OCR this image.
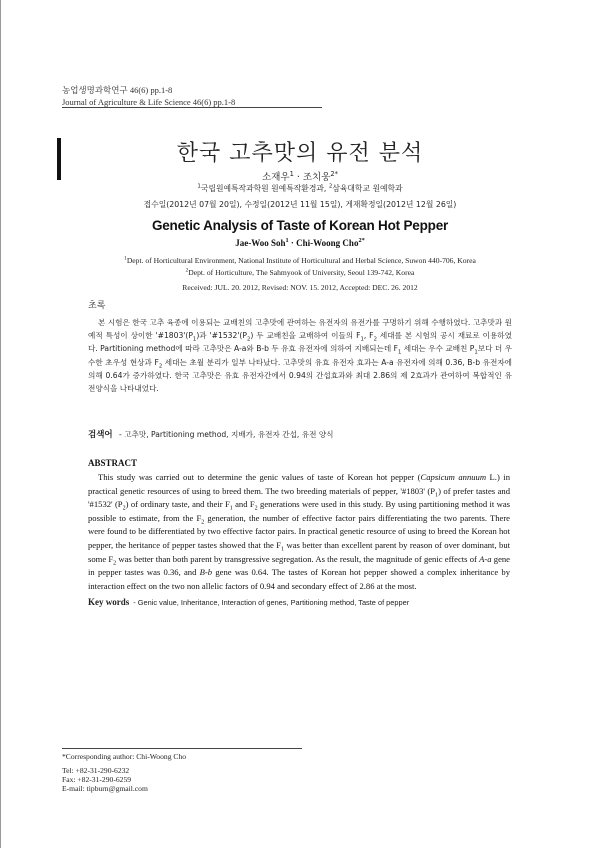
농업생명과학연구 46(6) pp.1-8
Journal of Agriculture & Life Science 46(6) pp.1-8
한국 고추맛의 유전 분석
소재우$^1$ · 조치웅$^{2*}$
$^1$국립원예특작과학원 원예특작환경과, $^2$삼육대학교 원예학과
접수일(2012년 07월 20일), 수정일(2012년 11월 15일), 게재확정일(2012년 12월 26일)
Genetic Analysis of Taste of Korean Hot Pepper
Jae-Woo Soh$^1$ · Chi-Woong Cho$^{2*}$
$^1$Dept. of Horticultural Environment, National Institute of Horticultural and Herbal Science, Suwon 440-706, Korea
$^2$Dept. of Horticulture, The Sahmyook of University, Seoul 139-742, Korea
Received: JUL. 20. 2012, Revised: NOV. 15. 2012, Accepted: DEC. 26. 2012
초록

본 시험은 한국 고추 육종에 이용되는 교배친의 고추맛에 관여하는 유전자의 유전가를 구명하기 위해 수행하였다. 고추맛과 원예적 특성이 상이한 '$\#1803'(P_1)$과 '$\#1532'(P_2)$ 두 교배친을 교배하여 이들의 $F_1$, $F_2$ 세대를 본 시험의 공시 재료로 이용하였다. Partitioning method에 따라 고추맛은 A-a와 B-b 두 유효 유전자에 의하여 지배되는데 $F_1$ 세대는 우수 교배친 $P_1$보다 더 우수한 초우성 현상과 $F_2$ 세대는 초월 분리가 일부 나타났다. 고추맛의 유효 유전자 효과는 A-a 유전자에 의해 0.36, B-b 유전자에 의해 0.64가 증가하였다. 한국 고추맛은 유효 유전자간에서 0.94의 간섭효과와 최대 2.86의 제 2효과가 관여하여 복합적인 유전양식을 나타내었다.

검색어 - 고추맛, Partitioning method, 지배가, 유전자 간섭, 유전 양식
ABSTRACT

This study was carried out to determine the genic values of taste of Korean hot pepper (Capsicum annuum L.) in practical genetic resources of using to breed them. The two breeding materials of pepper, '#1803' $(P_1)$ of prefer tastes and '#1532' $(P_2)$ of ordinary taste, and their $F_1$ and $F_2$ generations were used in this study. By using partitioning method it was possible to estimate, from the $F_2$ generation, the number of effective factor pairs differentiating the two parents. There were found to be differentiated by two effective factor pairs. In practical genetic resource of using to breed the Korean hot pepper, the heritance of pepper tastes showed that the $F_1$ was better than excellent parent by reason of over dominant, but some $F_2$ was better than both parent by transgressive segregation. As the result, the magnitude of genic effects of A-a gene in pepper tastes was 0.36, and B-b gene was 0.64. The tastes of Korean hot pepper showed a complex inheritance by interaction effect on the two non allelic factors of 0.94 and secondary effect of 2.86 at the most.

Key words - Genic value, Inheritance, Interaction of genes, Partitioning method, Taste of pepper
*Corresponding author: Chi-Woong Cho
Tel: +82-31-290-6232
Fax: +82-31-290-6259
E-mail: tipburn@gmail.com
